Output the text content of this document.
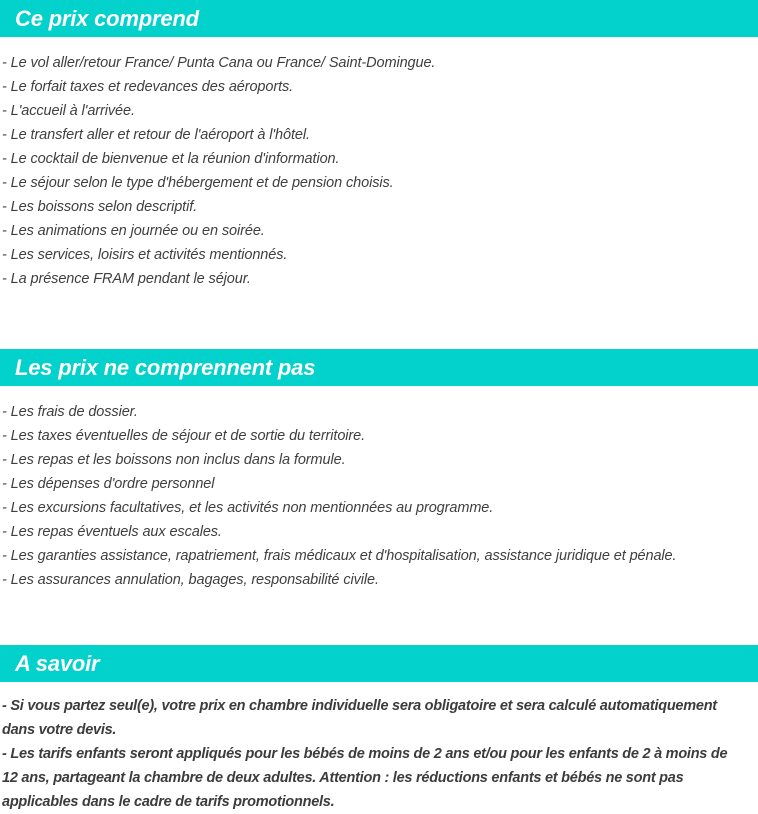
Ce prix comprend
- Le vol aller/retour France/ Punta Cana ou France/ Saint-Domingue.
- Le forfait taxes et redevances des aéroports.
- L'accueil à l'arrivée.
- Le transfert aller et retour de l'aéroport à l'hôtel.
- Le cocktail de bienvenue et la réunion d'information.
- Le séjour selon le type d'hébergement et de pension choisis.
- Les boissons selon descriptif.
- Les animations en journée ou en soirée.
- Les services, loisirs et activités mentionnés.
- La présence FRAM pendant le séjour.
Les prix ne comprennent pas
- Les frais de dossier.
- Les taxes éventuelles de séjour et de sortie du territoire.
- Les repas et les boissons non inclus dans la formule.
- Les dépenses d'ordre personnel
- Les excursions facultatives, et les activités non mentionnées au programme.
- Les repas éventuels aux escales.
- Les garanties assistance, rapatriement, frais médicaux et d'hospitalisation, assistance juridique et pénale.
- Les assurances annulation, bagages, responsabilité civile.
A savoir

- Si vous partez seul(e), votre prix en chambre individuelle sera obligatoire et sera calculé automatiquement dans votre devis.

- Les tarifs enfants seront appliqués pour les bébés de moins de 2 ans et/ou pour les enfants de 2 à moins de 12 ans, partageant la chambre de deux adultes. Attention : les réductions enfants et bébés ne sont pas applicables dans le cadre de tarifs promotionnels.
